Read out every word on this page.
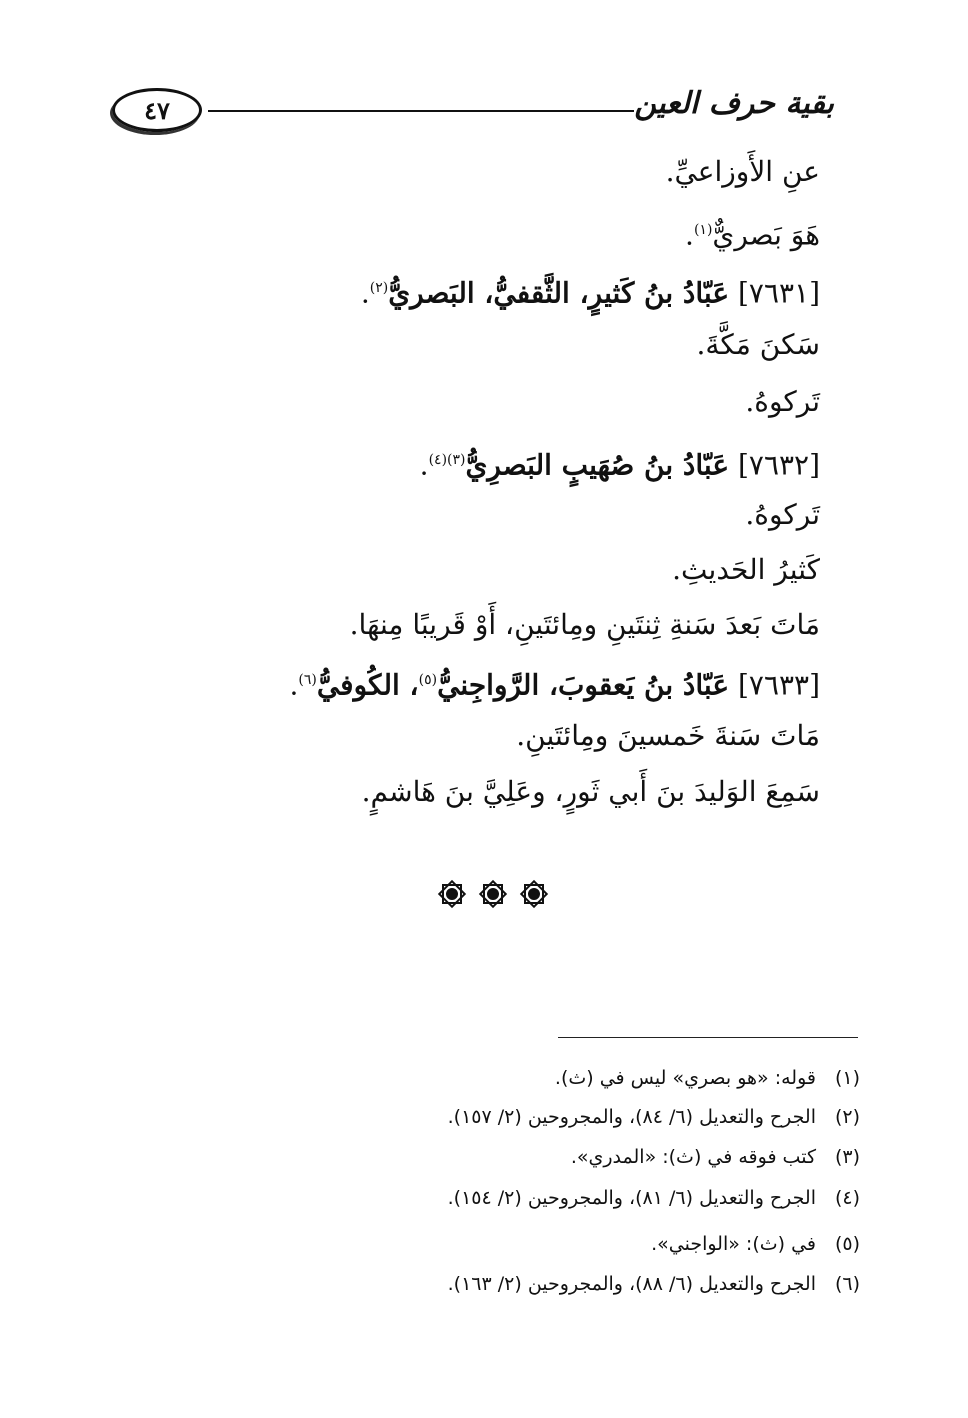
٤٧	بقية حرف العين
عنِ الأَوزاعيِّ.
هَوَ بَصريٌّ$^{(١)}$.
[٧٦٣١] عَبّادُ بنُ كَثيرٍ، الثَّقفيُّ، البَصريُّ$^{(٢)}$.
سَكنَ مَكَّةَ.
تَركوهُ.
[٧٦٣٢] عَبّادُ بنُ صُهَيبٍ البَصرِيُّ$^{(٣)(٤)}$.
تَركوهُ.
كَثيرُ الحَديثِ.
مَاتَ بَعدَ سَنةِ ثِنتَينِ ومِائتَينِ، أَوْ قَريبًا مِنهَا.
[٧٦٣٣] عَبّادُ بنُ يَعقوبَ، الرَّواجِنيُّ$^{(٥)}$، الكُوفيُّ$^{(٦)}$.
مَاتَ سَنةَ خَمسينَ ومِائتَينِ.
سَمِعَ الوَليدَ بنَ أَبي ثَورٍ، وعَلِيَّ بنَ هَاشمٍ.
(١)قوله: «هو بصري» ليس في (ث).
(٢)الجرح والتعديل (٦/ ٨٤)، والمجروحين (٢/ ١٥٧).
(٣)كتب فوقه في (ث): «المدري».
(٤)الجرح والتعديل (٦/ ٨١)، والمجروحين (٢/ ١٥٤).
(٥)في (ث): «الواجني».
(٦)الجرح والتعديل (٦/ ٨٨)، والمجروحين (٢/ ١٦٣).
